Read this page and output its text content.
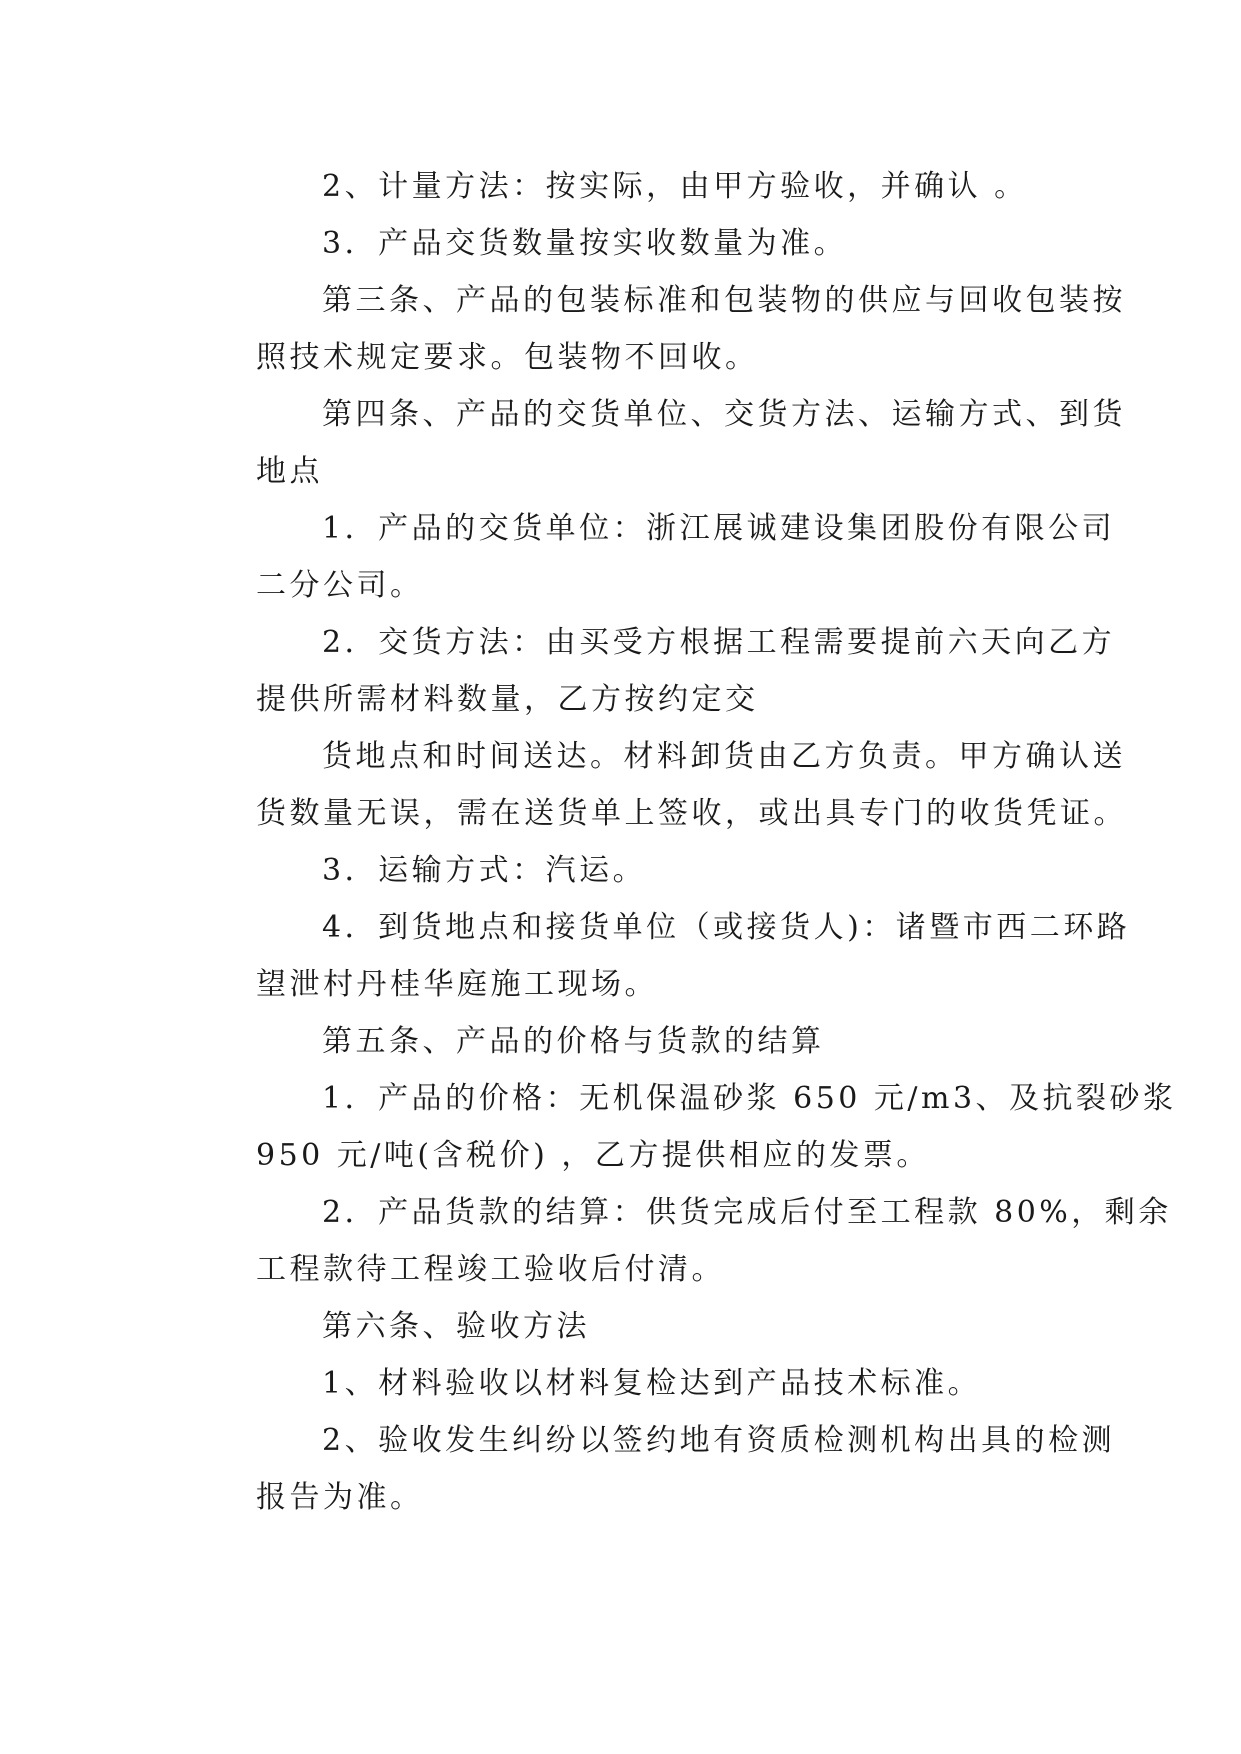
2、计量方法：按实际，由甲方验收，并确认 。
3．产品交货数量按实收数量为准。
第三条、产品的包装标准和包装物的供应与回收包装按
照技术规定要求。包装物不回收。
第四条、产品的交货单位、交货方法、运输方式、到货
地点
1．产品的交货单位：浙江展诚建设集团股份有限公司
二分公司。
2．交货方法：由买受方根据工程需要提前六天向乙方
提供所需材料数量，乙方按约定交
货地点和时间送达。材料卸货由乙方负责。甲方确认送
货数量无误，需在送货单上签收，或出具专门的收货凭证。
3．运输方式：汽运。
4．到货地点和接货单位（或接货人)：诸暨市西二环路
望泄村丹桂华庭施工现场。
第五条、产品的价格与货款的结算
1．产品的价格：无机保温砂浆 650 元/m3、及抗裂砂浆
950 元/吨(含税价) ，乙方提供相应的发票。
2．产品货款的结算：供货完成后付至工程款 80%，剩余
工程款待工程竣工验收后付清。
第六条、验收方法
1、材料验收以材料复检达到产品技术标准。
2、验收发生纠纷以签约地有资质检测机构出具的检测
报告为准。
